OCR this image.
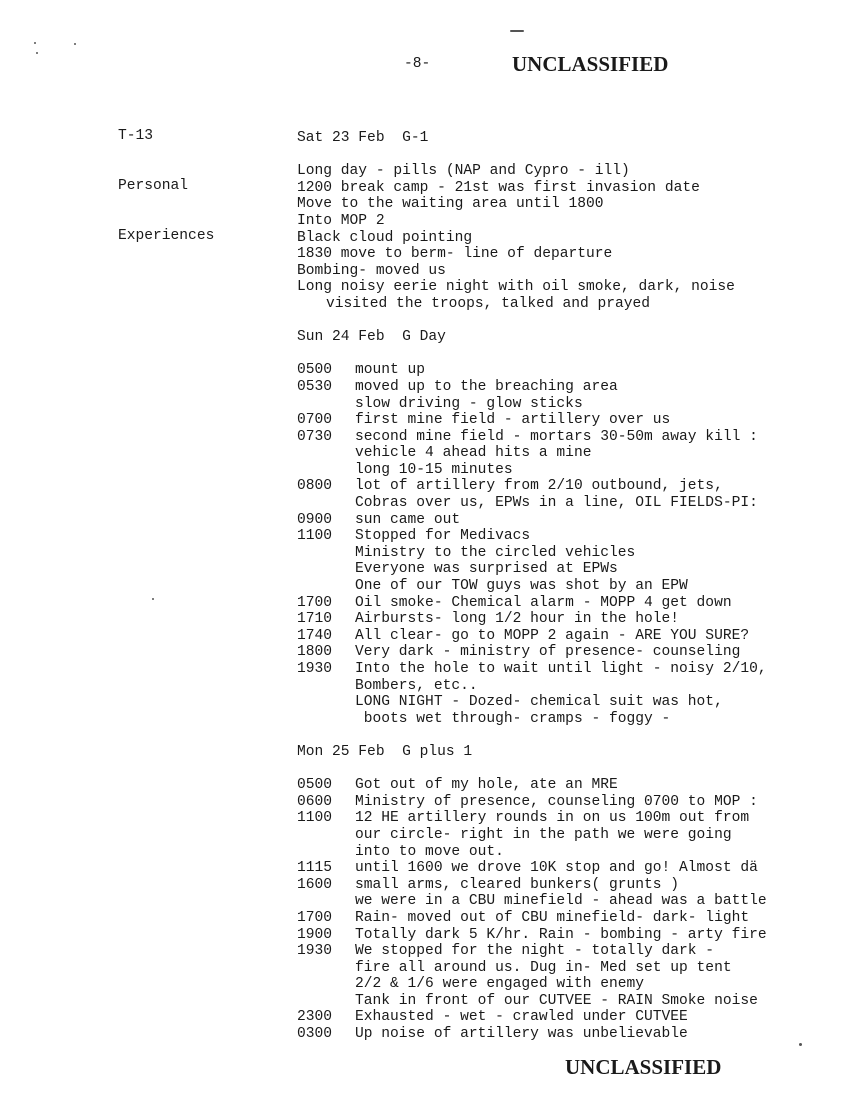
-8-	UNCLASSIFIED

T-13

Personal

Experiences

Sat 23 Feb  G-1
Long day - pills (NAP and Cypro - ill)
1200 break camp - 21st was first invasion date
Move to the waiting area until 1800
Into MOP 2
Black cloud pointing
1830 move to berm- line of departure
Bombing- moved us
Long noisy eerie night with oil smoke, dark, noise
visited the troops, talked and prayed
Sun 24 Feb  G Day
0500	mount up
0530	moved up to the breaching area
slow driving - glow sticks
0700	first mine field - artillery over us
0730	second mine field - mortars 30-50m away kill :
vehicle 4 ahead hits a mine
long 10-15 minutes
0800	lot of artillery from 2/10 outbound, jets,
Cobras over us, EPWs in a line, OIL FIELDS-PI:
0900	sun came out
1100	Stopped for Medivacs
Ministry to the circled vehicles
Everyone was surprised at EPWs
One of our TOW guys was shot by an EPW
1700	Oil smoke- Chemical alarm - MOPP 4 get down
1710	Airbursts- long 1/2 hour in the hole!
1740	All clear- go to MOPP 2 again - ARE YOU SURE?
1800	Very dark - ministry of presence- counseling
1930	Into the hole to wait until light - noisy 2/10,
Bombers, etc..
LONG NIGHT - Dozed- chemical suit was hot,
boots wet through- cramps - foggy -
Mon 25 Feb  G plus 1
0500	Got out of my hole, ate an MRE
0600	Ministry of presence, counseling 0700 to MOP :
1100	12 HE artillery rounds in on us 100m out from
our circle- right in the path we were going
into to move out.
1115	until 1600 we drove 10K stop and go! Almost dä
1600	small arms, cleared bunkers( grunts )
we were in a CBU minefield - ahead was a battle
1700	Rain- moved out of CBU minefield- dark- light
1900	Totally dark 5 K/hr. Rain - bombing - arty fire
1930	We stopped for the night - totally dark -
fire all around us. Dug in- Med set up tent
2/2 & 1/6 were engaged with enemy
Tank in front of our CUTVEE - RAIN Smoke noise
2300	Exhausted - wet - crawled under CUTVEE
0300	Up noise of artillery was unbelievable
UNCLASSIFIED
